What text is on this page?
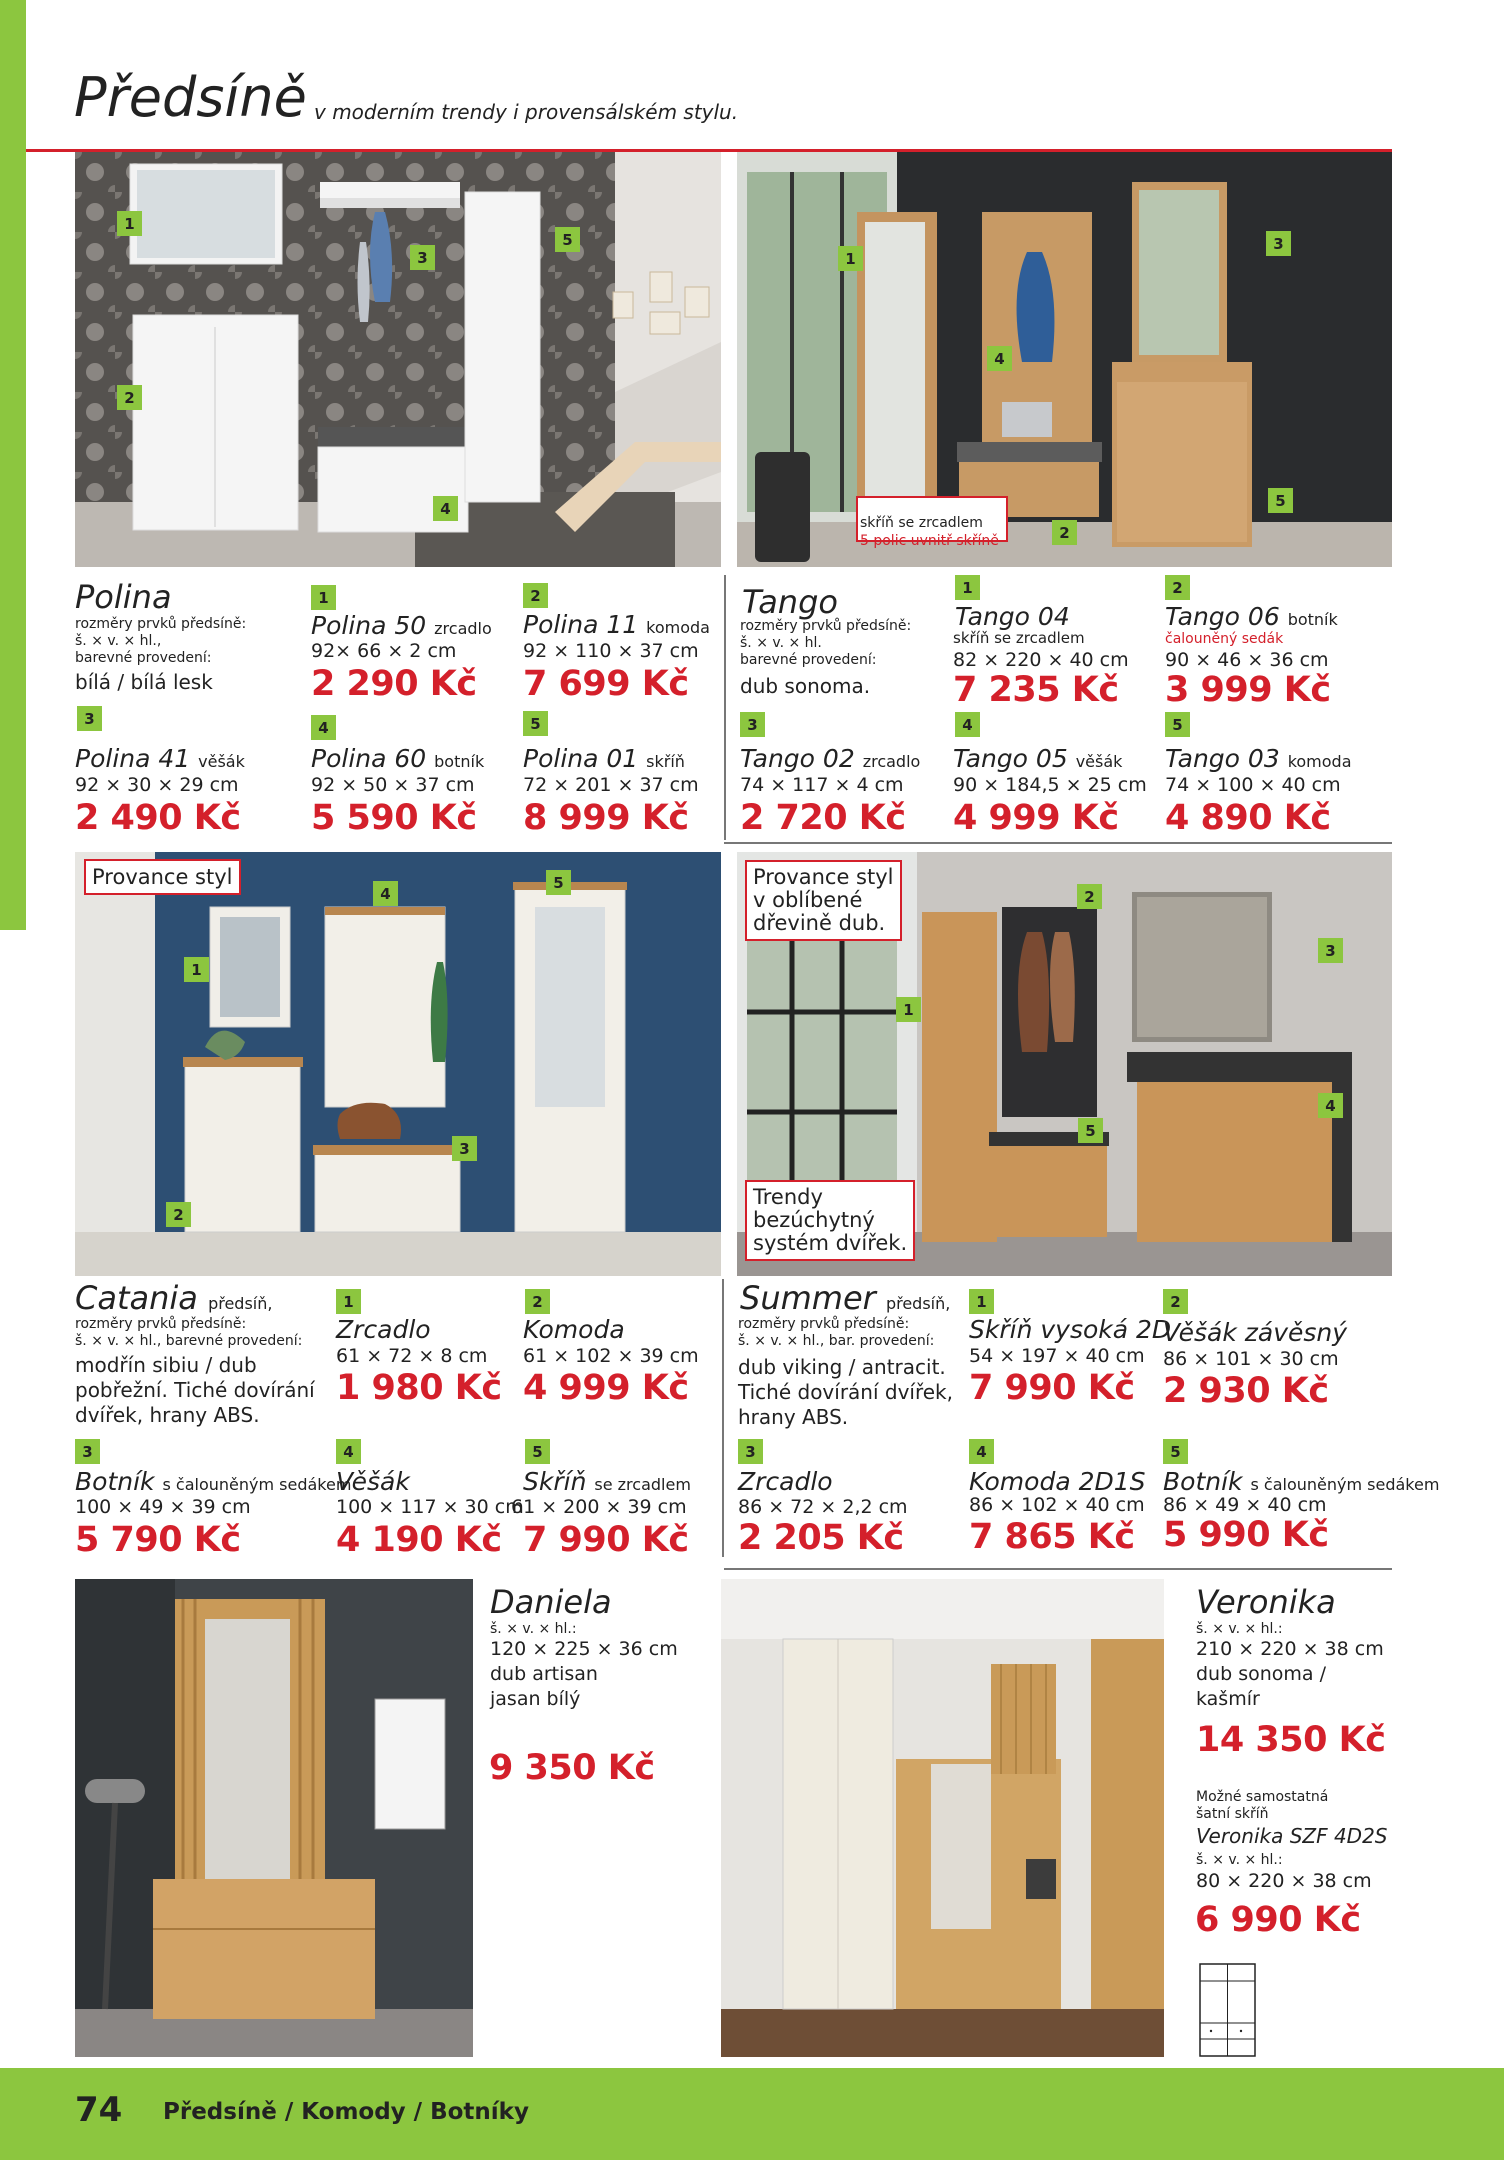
Předsíně v moderním trendy i provensálském stylu.
1
2
3
4
5
skříň se zrcadlem
5 polic uvnitř skříně
1
2
3
4
5
Polina
rozměry prvků předsíně:
š. × v. × hl.,
barevné provedení:
bílá / bílá lesk
1
Polina 50 zrcadlo
92× 66 × 2 cm
2 290 Kč
2
Polina 11 komoda
92 × 110 × 37 cm
7 699 Kč
3
Polina 41 věšák
92 × 30 × 29 cm
2 490 Kč
4
Polina 60 botník
92 × 50 × 37 cm
5 590 Kč
5
Polina 01 skříň
72 × 201 × 37 cm
8 999 Kč
Tango
rozměry prvků předsíně:
š. × v. × hl.
barevné provedení:
dub sonoma.
1
Tango 04
skříň se zrcadlem
82 × 220 × 40 cm
7 235 Kč
2
Tango 06 botník
čalouněný sedák
90 × 46 × 36 cm
3 999 Kč
3
Tango 02 zrcadlo
74 × 117 × 4 cm
2 720 Kč
4
Tango 05 věšák
90 × 184,5 × 25 cm
4 999 Kč
5
Tango 03 komoda
74 × 100 × 40 cm
4 890 Kč
Provance styl
1
2
3
4
5	Provance styl
v oblíbené
dřevině dub.
Trendy
bezúchytný
systém dvířek.
1
2
3
4
5
Catania předsíň,
rozměry prvků předsíně:
š. × v. × hl., barevné provedení:
modřín sibiu / dub
pobřežní. Tiché dovírání
dvířek, hrany ABS.
1
Zrcadlo
61 × 72 × 8 cm
1 980 Kč
2
Komoda
61 × 102 × 39 cm
4 999 Kč
3
Botník s čalouněným sedákem
100 × 49 × 39 cm
5 790 Kč
4
Věšák
100 × 117 × 30 cm
4 190 Kč
5
Skříň se zrcadlem
61 × 200 × 39 cm
7 990 Kč
Summer předsíň,
rozměry prvků předsíně:
š. × v. × hl., bar. provedení:
dub viking / antracit.
Tiché dovírání dvířek,
hrany ABS.
1
Skříň vysoká 2D
54 × 197 × 40 cm
7 990 Kč
2
Věšák závěsný
86 × 101 × 30 cm
2 930 Kč
3
Zrcadlo
86 × 72 × 2,2 cm
2 205 Kč
4
Komoda 2D1S
86 × 102 × 40 cm
7 865 Kč
5
Botník s čalouněným sedákem
86 × 49 × 40 cm
5 990 Kč
Daniela
š. × v. × hl.:
120 × 225 × 36 cm
dub artisan
jasan bílý
9 350 Kč
Veronika
š. × v. × hl.:
210 × 220 × 38 cm
dub sonoma /
kašmír
14 350 Kč
Možné samostatná
šatní skříň
Veronika SZF 4D2S
š. × v. × hl.:
80 × 220 × 38 cm
6 990 Kč
74 Předsíně / Komody / Botníky
